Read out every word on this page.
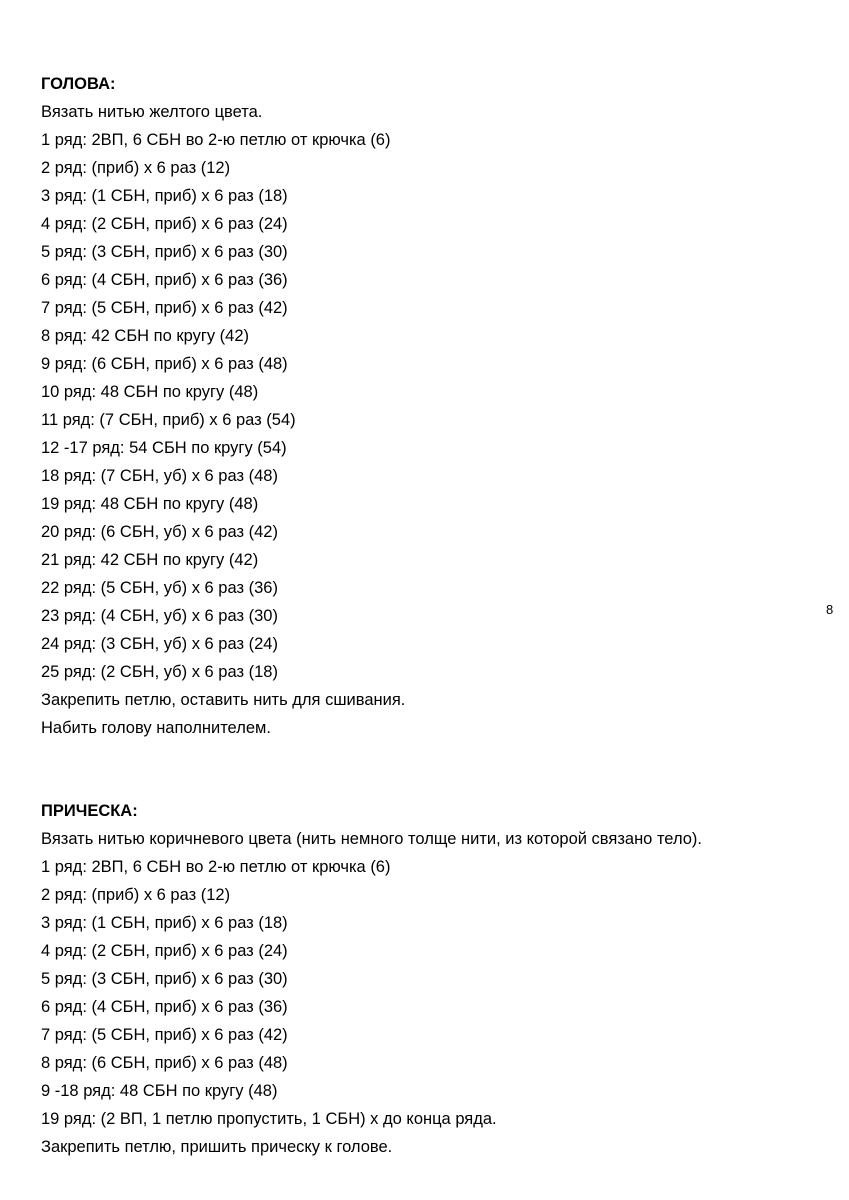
ГОЛОВА:
Вязать нитью желтого цвета.
1 ряд: 2ВП, 6 СБН во 2-ю петлю от крючка (6)
2 ряд: (приб) х 6 раз (12)
3 ряд: (1 СБН, приб) х 6 раз (18)
4 ряд: (2 СБН, приб) х 6 раз (24)
5 ряд: (3 СБН, приб) х 6 раз (30)
6 ряд: (4 СБН, приб) х 6 раз (36)
7 ряд: (5 СБН, приб) х 6 раз (42)
8 ряд: 42 СБН по кругу (42)
9 ряд: (6 СБН, приб) х 6 раз (48)
10 ряд: 48 СБН по кругу (48)
11 ряд: (7 СБН, приб) х 6 раз (54)
12 -17 ряд: 54 СБН по кругу (54)
18 ряд: (7 СБН, уб) х 6 раз (48)
19 ряд: 48 СБН по кругу (48)
20 ряд: (6 СБН, уб) х 6 раз (42)
21 ряд: 42 СБН по кругу (42)
22 ряд: (5 СБН, уб) х 6 раз (36)
23 ряд: (4 СБН, уб) х 6 раз (30)
24 ряд: (3 СБН, уб) х 6 раз (24)
25 ряд: (2 СБН, уб) х 6 раз (18)
Закрепить петлю, оставить нить для сшивания.
Набить голову наполнителем.
8
ПРИЧЕСКА:
Вязать нитью коричневого цвета (нить немного толще нити, из которой связано тело).
1 ряд: 2ВП, 6 СБН во 2-ю петлю от крючка (6)
2 ряд: (приб) х 6 раз (12)
3 ряд: (1 СБН, приб) х 6 раз (18)
4 ряд: (2 СБН, приб) х 6 раз (24)
5 ряд: (3 СБН, приб) х 6 раз (30)
6 ряд: (4 СБН, приб) х 6 раз (36)
7 ряд: (5 СБН, приб) х 6 раз (42)
8 ряд: (6 СБН, приб) х 6 раз (48)
9 -18 ряд: 48 СБН по кругу (48)
19 ряд: (2 ВП, 1 петлю пропустить, 1 СБН) х до конца ряда.
Закрепить петлю, пришить прическу к голове.
